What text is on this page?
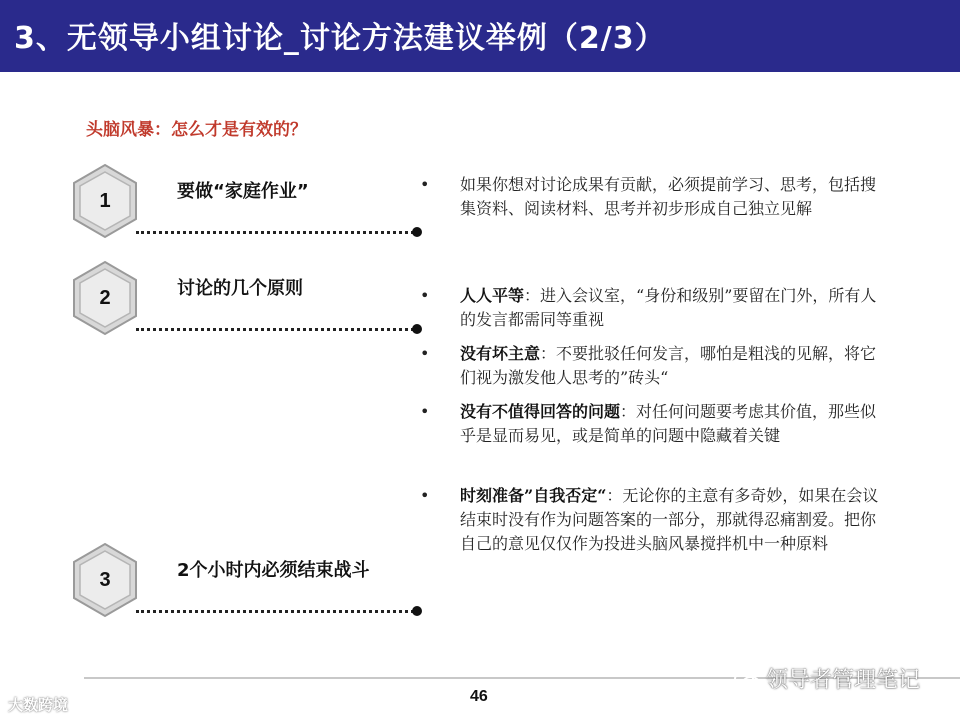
3、无领导小组讨论_讨论方法建议举例（2/3）
头脑风暴：怎么才是有效的？
1	要做“家庭作业”
2	讨论的几个原则
3	2个小时内必须结束战斗
•	如果你想对讨论成果有贡献，必须提前学习、思考，包括搜集资料、阅读材料、思考并初步形成自己独立见解
•	人人平等：进入会议室，“身份和级别”要留在门外，所有人的发言都需同等重视
•	没有坏主意：不要批驳任何发言，哪怕是粗浅的见解，将它们视为激发他人思考的”砖头“
•	没有不值得回答的问题：对任何问题要考虑其价值，那些似乎是显而易见，或是简单的问题中隐藏着关键
•	时刻准备”自我否定“：无论你的主意有多奇妙，如果在会议结束时没有作为问题答案的一部分，那就得忍痛割爱。把你自己的意见仅仅作为投进头脑风暴搅拌机中一种原料
46
大数跨境
领导者管理笔记
